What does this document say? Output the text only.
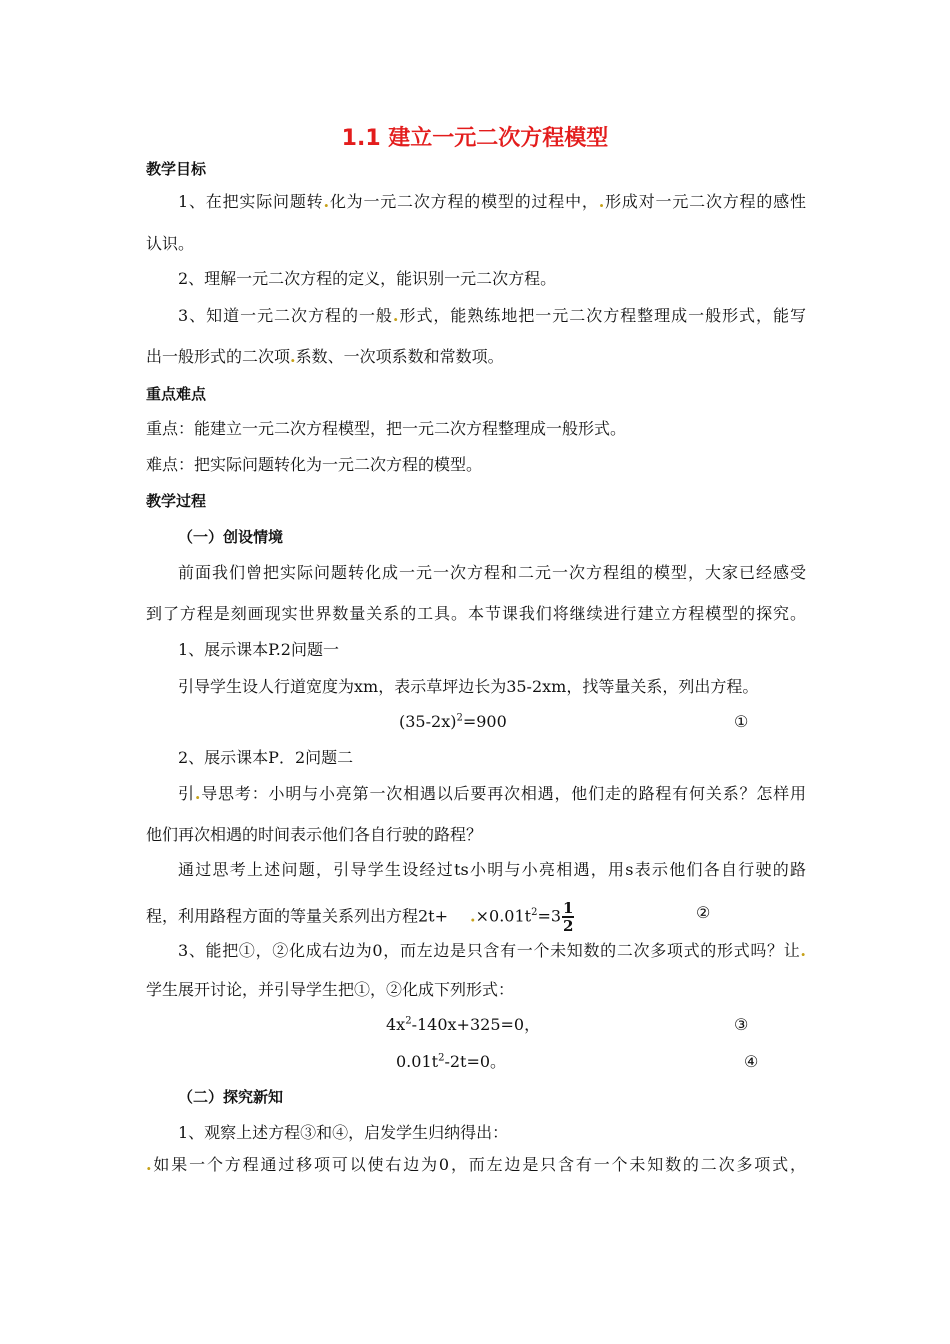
1.1 建立一元二次方程模型
教学目标
1、在把实际问题转.化为一元二次方程的模型的过程中，.形成对一元二次方程的感性
认识。
2、理解一元二次方程的定义，能识别一元二次方程。
3、知道一元二次方程的一般.形式，能熟练地把一元二次方程整理成一般形式，能写
出一般形式的二次项.系数、一次项系数和常数项。
重点难点
重点：能建立一元二次方程模型，把一元二次方程整理成一般形式。
难点：把实际问题转化为一元二次方程的模型。
教学过程
（一）创设情境
前面我们曾把实际问题转化成一元一次方程和二元一次方程组的模型，大家已经感受
到了方程是刻画现实世界数量关系的工具。本节课我们将继续进行建立方程模型的探究。
1、展示课本P.2问题一
引导学生设人行道宽度为xm，表示草坪边长为35-2xm，找等量关系，列出方程。
$(35-2x)^2=900$	①
2、展示课本P．2问题二
引.导思考：小明与小亮第一次相遇以后要再次相遇，他们走的路程有何关系？怎样用
他们再次相遇的时间表示他们各自行驶的路程？
通过思考上述问题，引导学生设经过ts小明与小亮相遇，用s表示他们各自行驶的路
程，利用路程方面的等量关系列出方程$2t+ .\times 0.01t^2=3 \frac{1}{2}$	②
3、能把①，②化成右边为0，而左边是只含有一个未知数的二次多项式的形式吗？让.
学生展开讨论，并引导学生把①，②化成下列形式：
$4x^2-140x+325=0$，	③
$0.01t^2-2t=0$。	④
（二）探究新知
1、观察上述方程③和④，启发学生归纳得出：
.如果一个方程通过移项可以使右边为0，而左边是只含有一个未知数的二次多项式，
